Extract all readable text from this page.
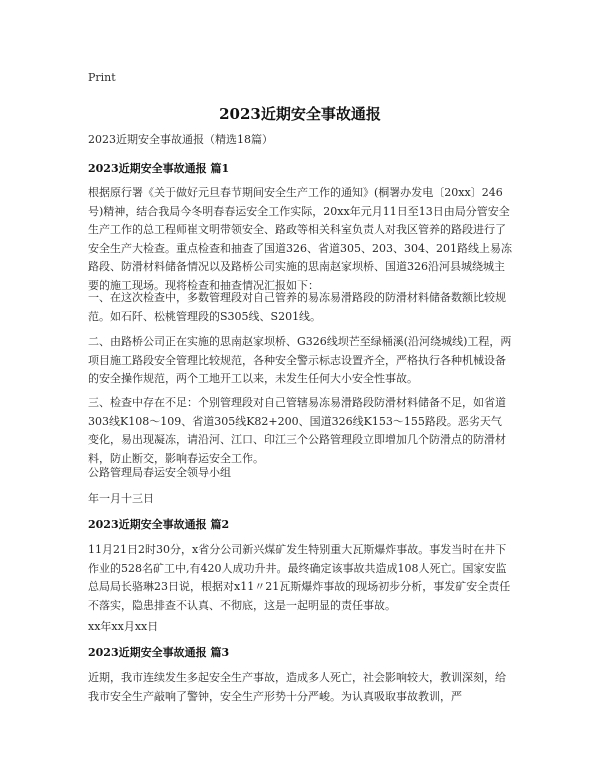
Print
2023近期安全事故通报

2023近期安全事故通报（精选18篇）

2023近期安全事故通报 篇1

根据原行署《关于做好元旦春节期间安全生产工作的通知》(桐署办发电〔20xx〕246号)精神，结合我局今冬明春春运安全工作实际，20xx年元月11日至13日由局分管安全生产工作的总工程师崔文明带领安全、路政等相关科室负责人对我区管养的路段进行了安全生产大检查。重点检查和抽查了国道326、省道305、203、304、201路线上易冻路段、防滑材料储备情况以及路桥公司实施的思南赵家坝桥、国道326沿河县城绕城主要的施工现场。现将检查和抽查情况汇报如下：

一、在这次检查中，多数管理段对自己管养的易冻易滑路段的防滑材料储备数额比较规范。如石阡、松桃管理段的S305线、S201线。

二、由路桥公司正在实施的思南赵家坝桥、G326线坝芒至绿桶溪(沿河绕城线)工程，两项目施工路段安全管理比较规范，各种安全警示标志设置齐全，严格执行各种机械设备的安全操作规范，两个工地开工以来，未发生任何大小安全性事故。

三、检查中存在不足：个别管理段对自己管辖易冻易滑路段防滑材料储备不足，如省道303线K108～109、省道305线K82+200、国道326线K153～155路段。恶劣天气变化，易出现凝冻，请沿河、江口、印江三个公路管理段立即增加几个防滑点的防滑材料，防止断交，影响春运安全工作。

公路管理局春运安全领导小组

年一月十三日

2023近期安全事故通报 篇2

11月21日2时30分，x省分公司新兴煤矿发生特别重大瓦斯爆炸事故。事发当时在井下作业的528名矿工中,有420人成功升井。最终确定该事故共造成108人死亡。国家安监总局局长骆琳23日说，根据对x11〃21瓦斯爆炸事故的现场初步分析，事发矿安全责任不落实，隐患排查不认真、不彻底，这是一起明显的责任事故。

xx年xx月xx日

2023近期安全事故通报 篇3

近期，我市连续发生多起安全生产事故，造成多人死亡，社会影响较大，教训深刻，给我市安全生产敲响了警钟，安全生产形势十分严峻。为认真吸取事故教训，严
